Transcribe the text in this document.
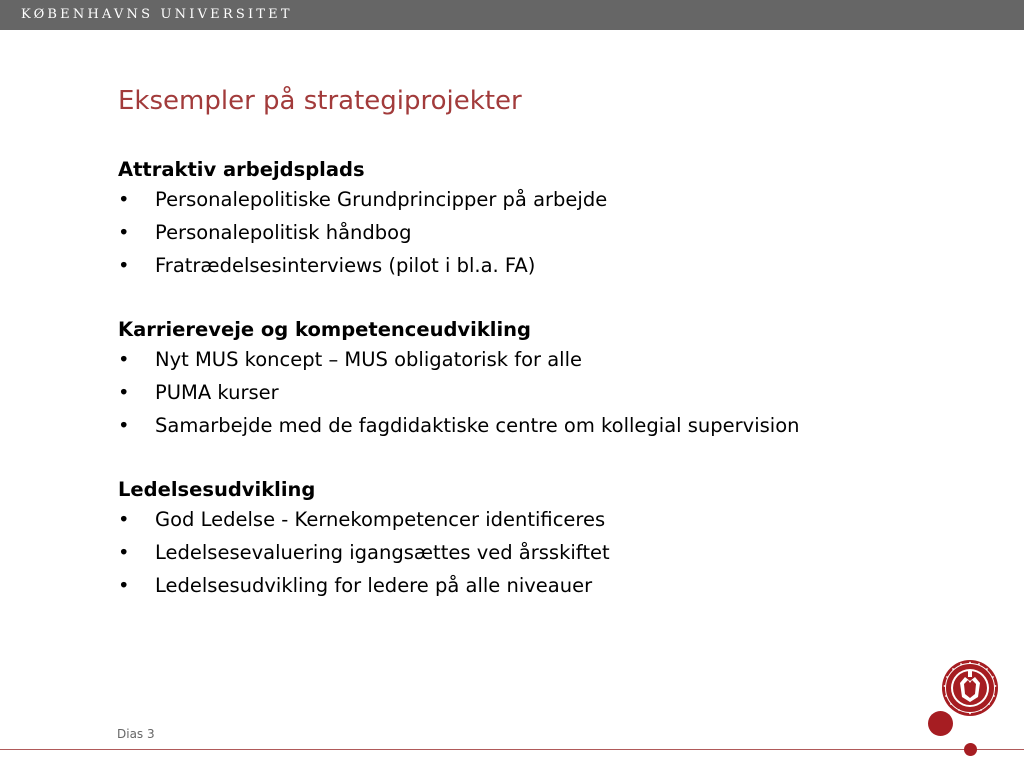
KØBENHAVNS UNIVERSITET
Eksempler på strategiprojekter
Attraktiv arbejdsplads
•	Personalepolitiske Grundprincipper på arbejde
•	Personalepolitisk håndbog
•	Fratrædelsesinterviews (pilot i bl.a. FA)
Karriereveje og kompetenceudvikling
•	Nyt MUS koncept – MUS obligatorisk for alle
•	PUMA kurser
•	Samarbejde med de fagdidaktiske centre om kollegial supervision
Ledelsesudvikling
•	God Ledelse - Kernekompetencer identificeres
•	Ledelsesevaluering igangsættes ved årsskiftet
•	Ledelsesudvikling for ledere på alle niveauer
Dias 3
